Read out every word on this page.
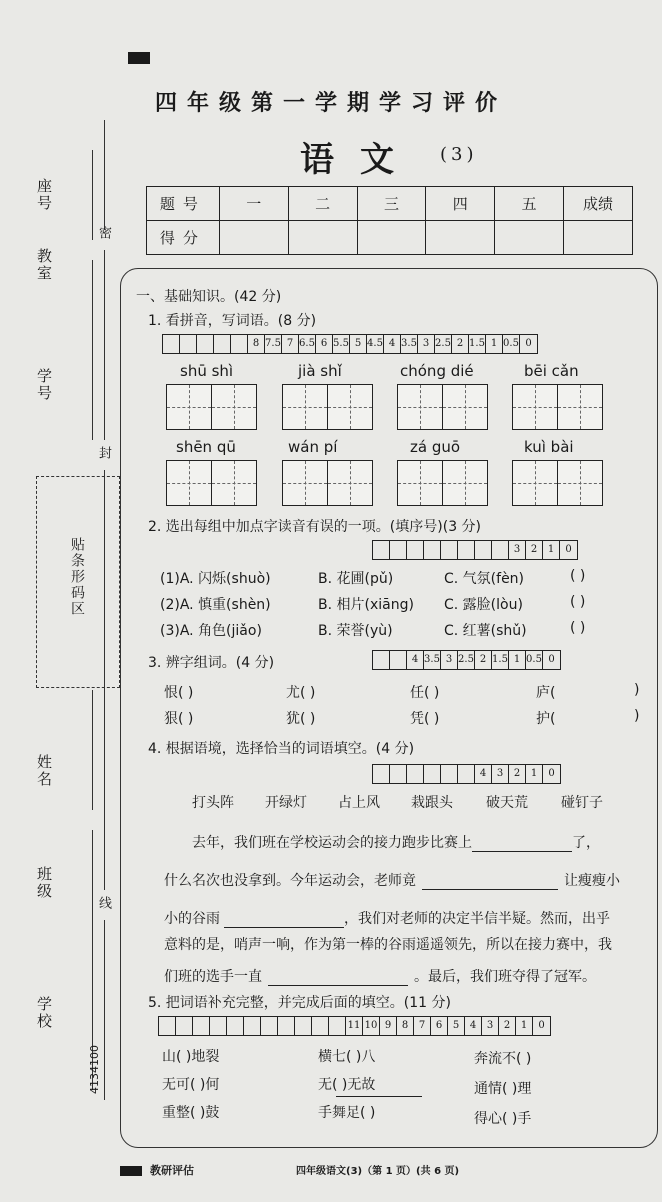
四年级第一学期学习评价
语文 (3)
题号	一	二	三	四	五	成绩
得分						
座号
教室
学号
密
封
线
贴条形码区
姓名
班级
学校
4134100
一、基础知识。(42 分)
1. 看拼音，写词语。(8 分)
8 7.5 7 6.5 6 5.5 5 4.5 4 3.5 3 2.5 2 1.5 1 0.5 0
shū shì	jià shǐ	chóng dié	bēi cǎn
shēn qū	wán pí	zá guō	kuì bài
2. 选出每组中加点字读音有误的一项。(填序号)(3 分)
3	2	1	0
(1)A. 闪烁(shuò)	B. 花圃(pǔ)	C. 气氛(fèn)	( )
(2)A. 慎重(shèn)	B. 相片(xiāng) C. 露脸(lòu)	( )
(3)A. 角色(jiǎo)	B. 荣誉(yù)	C. 红薯(shǔ)	( )
3. 辨字组词。(4 分)	4 3.5 3 2.5 2 1.5 1 0.5 0
恨( )	尤( )	任( )	庐(	)
狠( )	犹( )	凭( )	护(	)
4. 根据语境，选择恰当的词语填空。(4 分)
4	3	2	1	0
打头阵 开绿灯 占上风 栽跟头 破天荒 碰钉子
去年，我们班在学校运动会的接力跑步比赛上	了，
什么名次也没拿到。今年运动会，老师竟	让瘦瘦小
小的谷雨	，我们对老师的决定半信半疑。然而，出乎
意料的是，哨声一响，作为第一棒的谷雨遥遥领先，所以在接力赛中，我
们班的选手一直	。最后，我们班夺得了冠军。
5. 把词语补充完整，并完成后面的填空。(11 分)
11 10 9	8	7	6	5	4	3	2	1	0
山( )地裂	横七( )八	奔流不( )
无可( )何	无( )无故	通情( )理
重整( )鼓	手舞足( )	得心( )手
教研评估	四年级语文(3)（第 1 页）(共 6 页)
